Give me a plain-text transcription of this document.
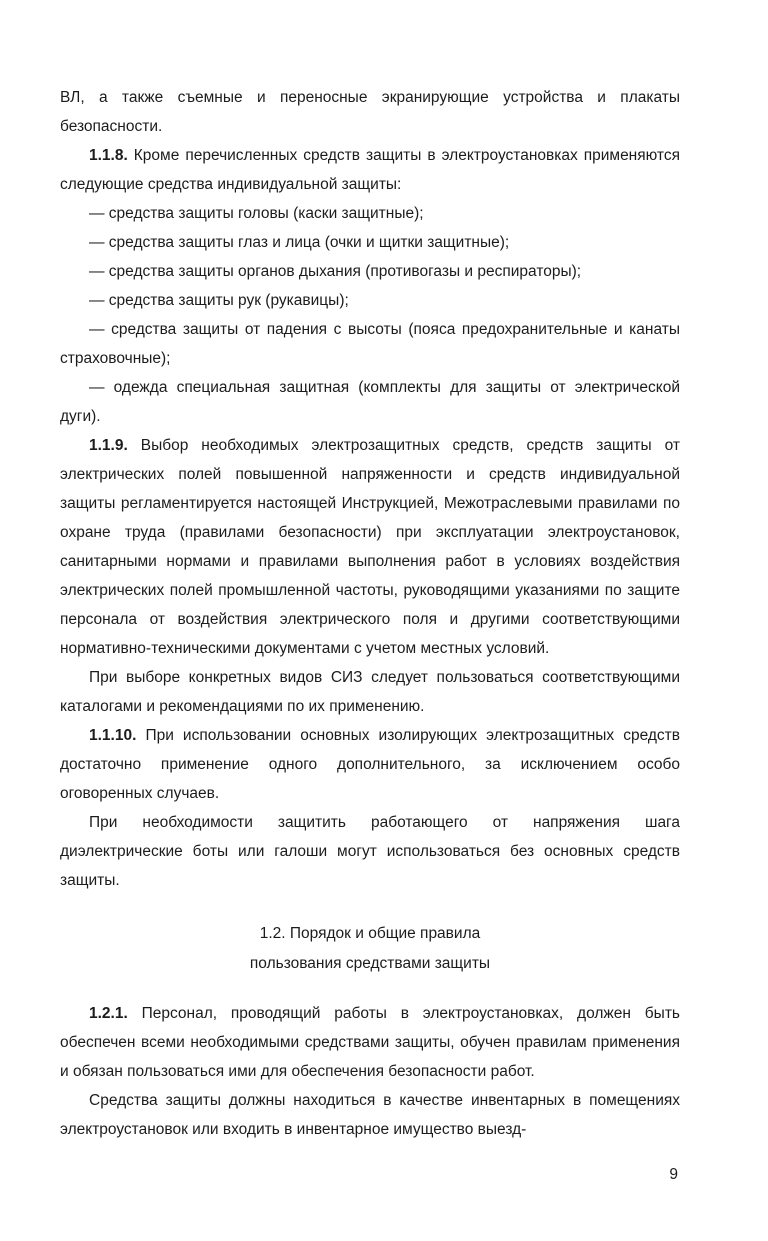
ВЛ, а также съемные и переносные экранирующие устройства и плакаты безопасности.

1.1.8. Кроме перечисленных средств защиты в электроустановках применяются следующие средства индивидуальной защиты:

— средства защиты головы (каски защитные);

— средства защиты глаз и лица (очки и щитки защитные);

— средства защиты органов дыхания (противогазы и респираторы);

— средства защиты рук (рукавицы);

— средства защиты от падения с высоты (пояса предохранительные и канаты страховочные);

— одежда специальная защитная (комплекты для защиты от электрической дуги).

1.1.9. Выбор необходимых электрозащитных средств, средств защиты от электрических полей повышенной напряженности и средств индивидуальной защиты регламентируется настоящей Инструкцией, Межотраслевыми правилами по охране труда (правилами безопасности) при эксплуатации электроустановок, санитарными нормами и правилами выполнения работ в условиях воздействия электрических полей промышленной частоты, руководящими указаниями по защите персонала от воздействия электрического поля и другими соответствующими нормативно-техническими документами с учетом местных условий.

При выборе конкретных видов СИЗ следует пользоваться соответствующими каталогами и рекомендациями по их применению.

1.1.10. При использовании основных изолирующих электрозащитных средств достаточно применение одного дополнительного, за исключением особо оговоренных случаев.

При необходимости защитить работающего от напряжения шага диэлектрические боты или галоши могут использоваться без основных средств защиты.

1.2. Порядок и общие правила
пользования средствами защиты

1.2.1. Персонал, проводящий работы в электроустановках, должен быть обеспечен всеми необходимыми средствами защиты, обучен правилам применения и обязан пользоваться ими для обеспечения безопасности работ.

Средства защиты должны находиться в качестве инвентарных в помещениях электроустановок или входить в инвентарное имущество выезд-

9
